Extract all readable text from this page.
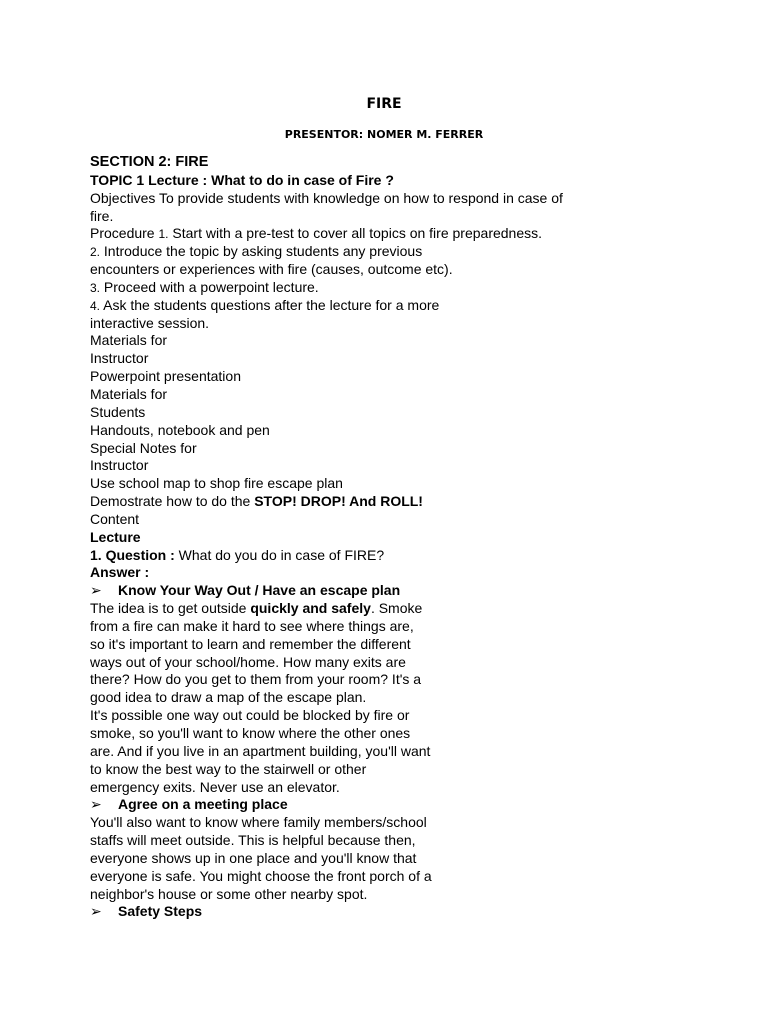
FIRE
PRESENTOR: NOMER M. FERRER
SECTION 2: FIRE
TOPIC 1 Lecture : What to do in case of Fire ?
Objectives To provide students with knowledge on how to respond in case of
fire.
Procedure 1. Start with a pre-test to cover all topics on fire preparedness.
2. Introduce the topic by asking students any previous
encounters or experiences with fire (causes, outcome etc).
3. Proceed with a powerpoint lecture.
4. Ask the students questions after the lecture for a more
interactive session.
Materials for
Instructor
Powerpoint presentation
Materials for
Students
Handouts, notebook and pen
Special Notes for
Instructor
Use school map to shop fire escape plan
Demostrate how to do the STOP! DROP! And ROLL!
Content
Lecture
1. Question : What do you do in case of FIRE?
Answer :
➢ Know Your Way Out / Have an escape plan
The idea is to get outside quickly and safely. Smoke
from a fire can make it hard to see where things are,
so it's important to learn and remember the different
ways out of your school/home. How many exits are
there? How do you get to them from your room? It's a
good idea to draw a map of the escape plan.
It's possible one way out could be blocked by fire or
smoke, so you'll want to know where the other ones
are. And if you live in an apartment building, you'll want
to know the best way to the stairwell or other
emergency exits. Never use an elevator.
➢ Agree on a meeting place
You'll also want to know where family members/school
staffs will meet outside. This is helpful because then,
everyone shows up in one place and you'll know that
everyone is safe. You might choose the front porch of a
neighbor's house or some other nearby spot.
➢ Safety Steps
